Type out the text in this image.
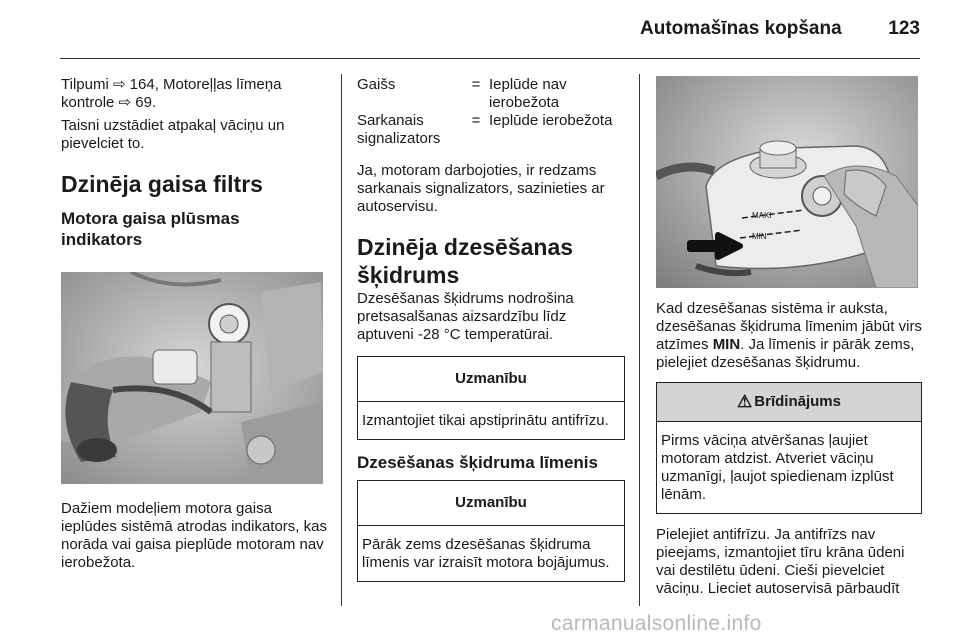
Automašīnas kopšana 123

Tilpumi ⇨ 164, Motoreļļas līmeņa kontrole ⇨ 69.

Taisni uzstādiet atpakaļ vāciņu un pievelciet to.

Dzinēja gaisa filtrs
Motora gaisa plūsmas indikators

Dažiem modeļiem motora gaisa ieplūdes sistēmā atrodas indikators, kas norāda vai gaisa pieplūde motoram nav ierobežota.

Gaišs	= Ieplūde nav ierobežota
Sarkanais signalizators
= Ieplūde ierobežota

Ja, motoram darbojoties, ir redzams sarkanais signalizators, sazinieties ar autoservisu.

Dzinēja dzesēšanas šķidrums

Dzesēšanas šķidrums nodrošina pretsasalšanas aizsardzību līdz aptuveni -28 °C temperatūrai.

Uzmanību
Izmantojiet tikai apstiprinātu antifrīzu.
Dzesēšanas šķidruma līmenis
Uzmanību
Pārāk zems dzesēšanas šķidruma līmenis var izraisīt motora bojājumus.
MAXI
MIN

Kad dzesēšanas sistēma ir auksta, dzesēšanas šķidruma līmenim jābūt virs atzīmes MIN. Ja līmenis ir pārāk zems, pielejiet dzesēšanas šķidrumu.

⚠ Brīdinājums
Pirms vāciņa atvēršanas ļaujiet motoram atdzist. Atveriet vāciņu uzmanīgi, ļaujot spiedienam izplūst lēnām.

Pielejiet antifrīzu. Ja antifrīzs nav pieejams, izmantojiet tīru krāna ūdeni vai destilētu ūdeni. Cieši pievelciet vāciņu. Lieciet autoservisā pārbaudīt

carmanualsonline.info
